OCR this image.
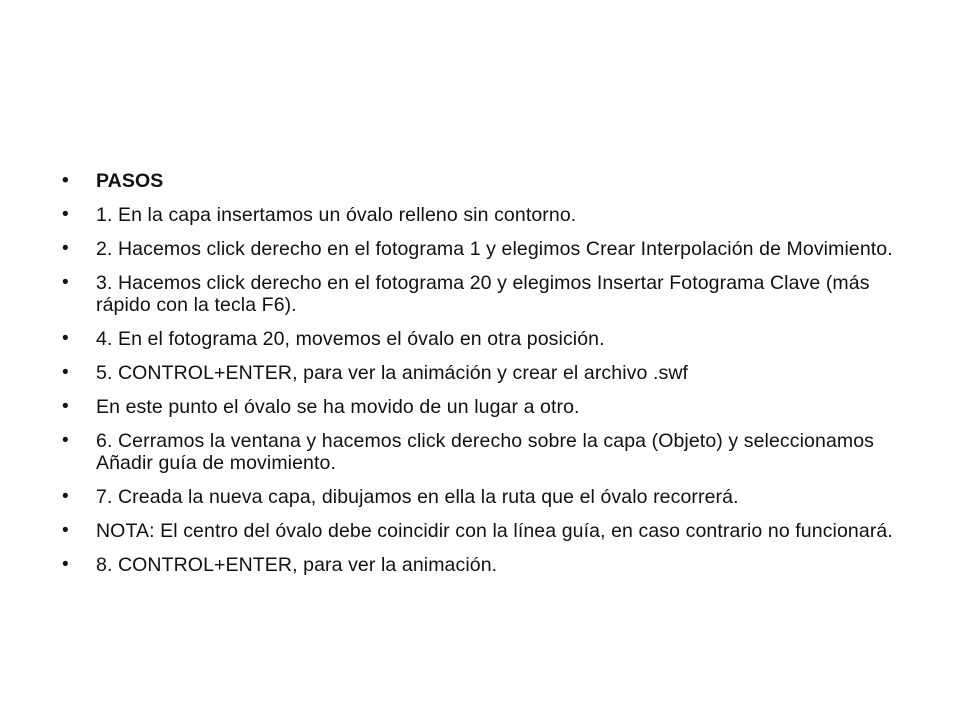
• PASOS
• 1. En la capa insertamos un óvalo relleno sin contorno.
• 2. Hacemos click derecho en el fotograma 1 y elegimos Crear Interpolación de Movimiento.
• 3. Hacemos click derecho en el fotograma 20 y elegimos Insertar Fotograma Clave (más rápido con la tecla F6).
• 4. En el fotograma 20, movemos el óvalo en otra posición.
• 5. CONTROL+ENTER, para ver la animáción y crear el archivo .swf
• En este punto el óvalo se ha movido de un lugar a otro.
• 6. Cerramos la ventana y hacemos click derecho sobre la capa (Objeto) y seleccionamos Añadir guía de movimiento.
• 7. Creada la nueva capa, dibujamos en ella la ruta que el óvalo recorrerá.
• NOTA: El centro del óvalo debe coincidir con la línea guía, en caso contrario no funcionará.
• 8. CONTROL+ENTER, para ver la animación.
